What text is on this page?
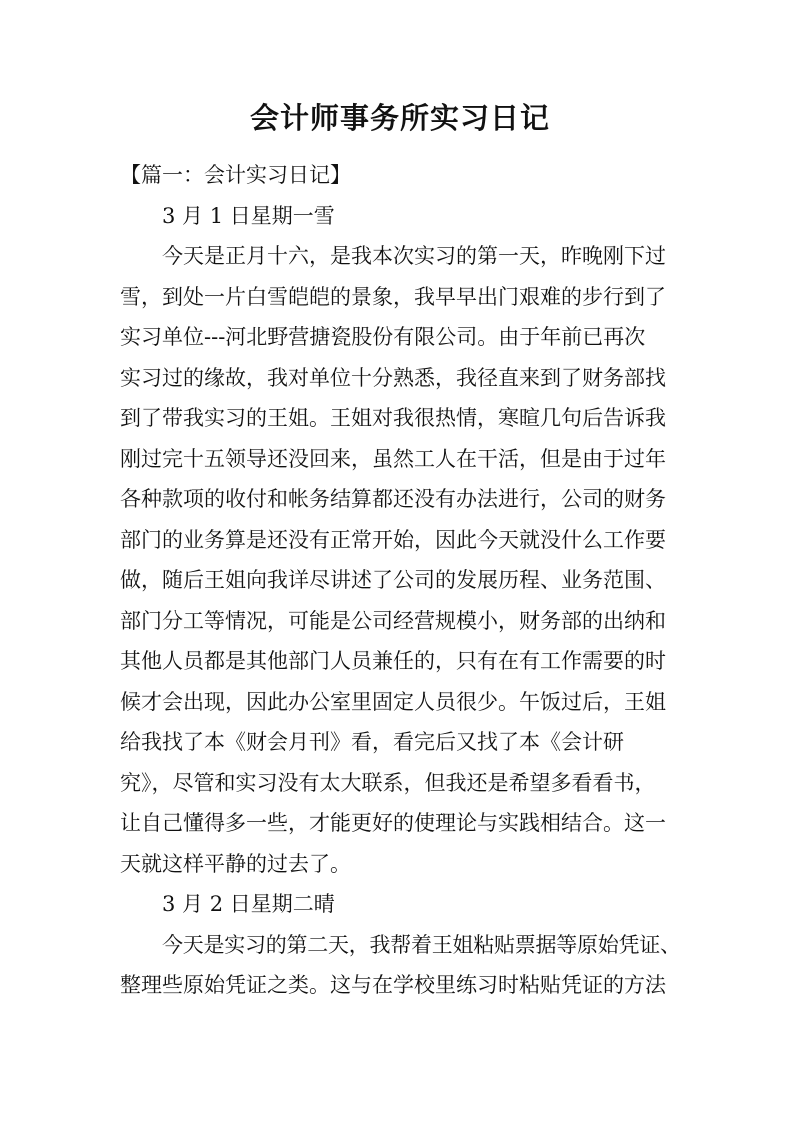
会计师事务所实习日记
【篇一：会计实习日记】
3 月 1 日星期一雪
今天是正月十六，是我本次实习的第一天，昨晚刚下过
雪，到处一片白雪皑皑的景象，我早早出门艰难的步行到了
实习单位---河北野营搪瓷股份有限公司。由于年前已再次
实习过的缘故，我对单位十分熟悉，我径直来到了财务部找
到了带我实习的王姐。王姐对我很热情，寒暄几句后告诉我
刚过完十五领导还没回来，虽然工人在干活，但是由于过年
各种款项的收付和帐务结算都还没有办法进行，公司的财务
部门的业务算是还没有正常开始，因此今天就没什么工作要
做，随后王姐向我详尽讲述了公司的发展历程、业务范围、
部门分工等情况，可能是公司经营规模小，财务部的出纳和
其他人员都是其他部门人员兼任的，只有在有工作需要的时
候才会出现，因此办公室里固定人员很少。午饭过后，王姐
给我找了本《财会月刊》看，看完后又找了本《会计研
究》，尽管和实习没有太大联系，但我还是希望多看看书，
让自己懂得多一些，才能更好的使理论与实践相结合。这一
天就这样平静的过去了。
3 月 2 日星期二晴
今天是实习的第二天，我帮着王姐粘贴票据等原始凭证、
整理些原始凭证之类。这与在学校里练习时粘贴凭证的方法
